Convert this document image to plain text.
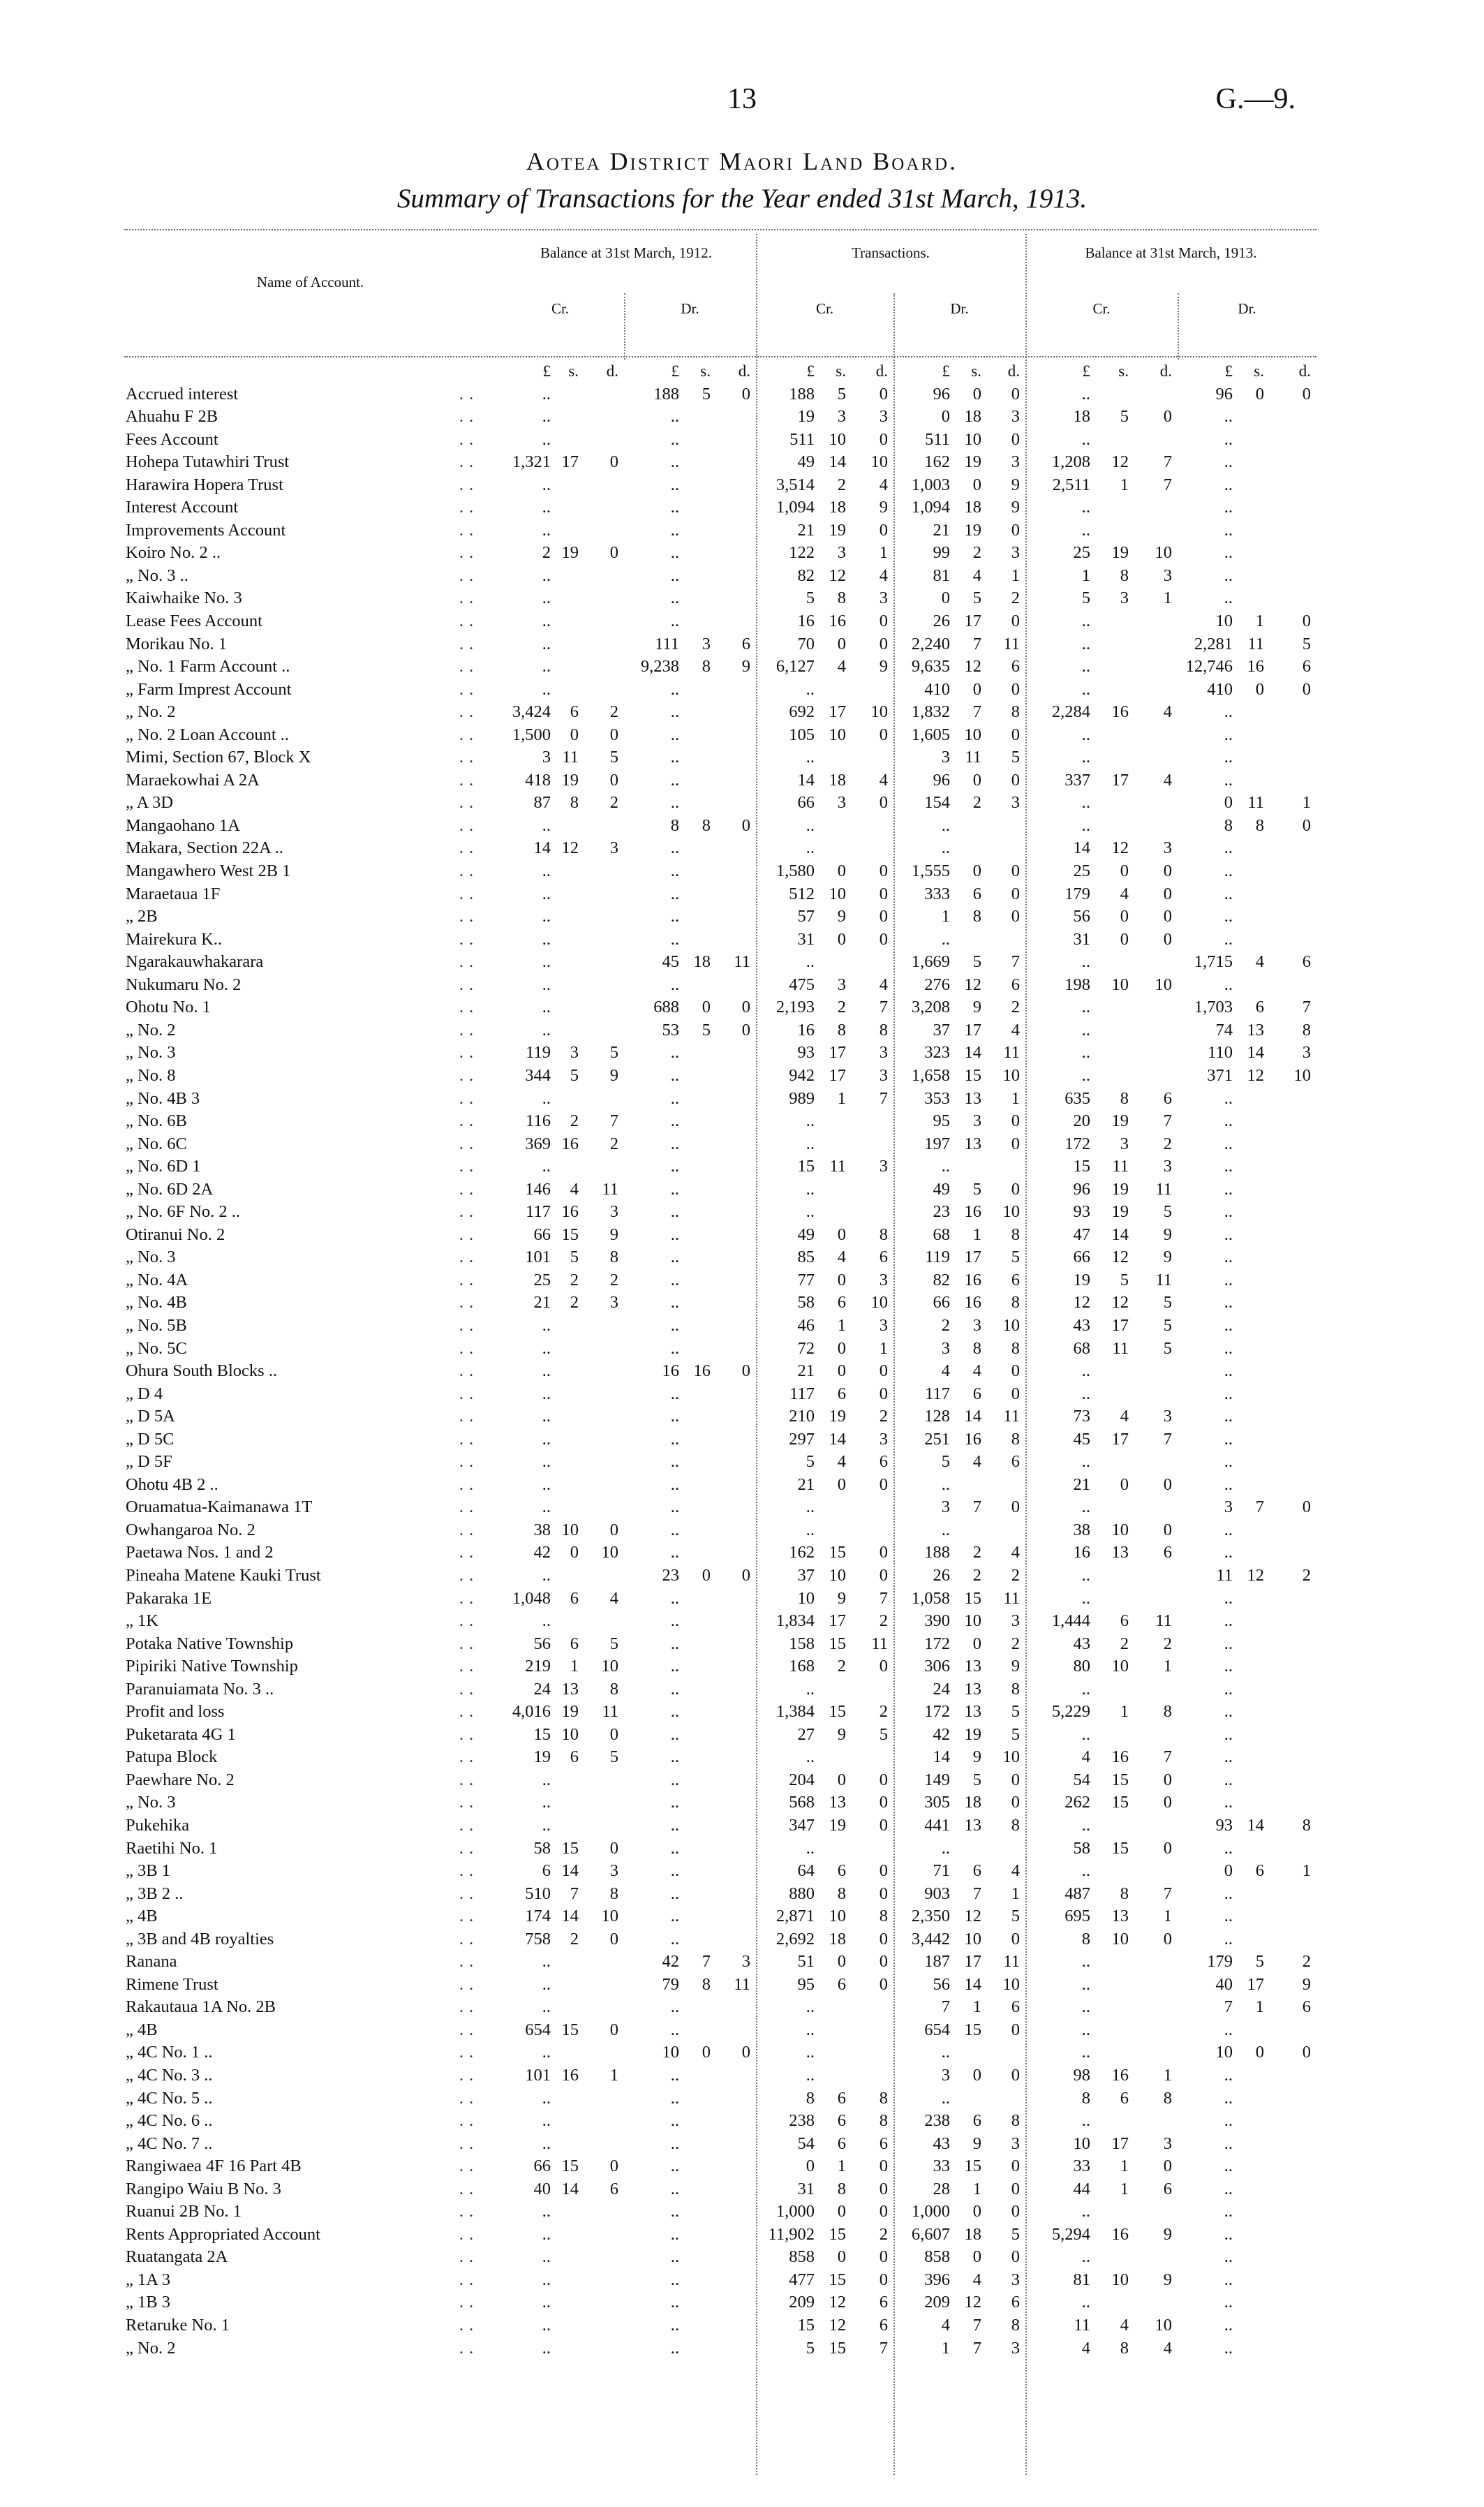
13	G.—9.
Aotea District Maori Land Board.
Summary of Transactions for the Year ended 31st March, 1913.
Name of Account.
Balance at 31st March, 1912.	Transactions.	Balance at 31st March, 1913.
Cr.	Dr.	Cr.	Dr.	Cr.	Dr.
		£	s.	d.	£	s.	d.	£	s.	d.	£	s.	d.	£	s.	d.	£	s.	d.
Accrued interest	..	..			188	5	0	188	5	0	96	0	0	..			96	0	0
Ahuahu F 2B	..	..			..			19	3	3	0	18	3	18	5	0	..		
Fees Account	..	..			..			511	10	0	511	10	0	..			..		
Hohepa Tutawhiri Trust	..	1,321	17	0	..			49	14	10	162	19	3	1,208	12	7	..		
Harawira Hopera Trust	..	..			..			3,514	2	4	1,003	0	9	2,511	1	7	..		
Interest Account	..	..			..			1,094	18	9	1,094	18	9	..			..		
Improvements Account	..	..			..			21	19	0	21	19	0	..			..		
Koiro No. 2 ..	..	2	19	0	..			122	3	1	99	2	3	25	19	10	..		
„ No. 3 ..	..	..			..			82	12	4	81	4	1	1	8	3	..		
Kaiwhaike No. 3	..	..			..			5	8	3	0	5	2	5	3	1	..		
Lease Fees Account	..	..			..			16	16	0	26	17	0	..			10	1	0
Morikau No. 1	..	..			111	3	6	70	0	0	2,240	7	11	..			2,281	11	5
„ No. 1 Farm Account ..	..	..			9,238	8	9	6,127	4	9	9,635	12	6	..			12,746	16	6
„ Farm Imprest Account	..	..			..			..			410	0	0	..			410	0	0
„ No. 2	..	3,424	6	2	..			692	17	10	1,832	7	8	2,284	16	4	..		
„ No. 2 Loan Account ..	..	1,500	0	0	..			105	10	0	1,605	10	0	..			..		
Mimi, Section 67, Block X	..	3	11	5	..			..			3	11	5	..			..		
Maraekowhai A 2A	..	418	19	0	..			14	18	4	96	0	0	337	17	4	..		
„ A 3D	..	87	8	2	..			66	3	0	154	2	3	..			0	11	1
Mangaohano 1A	..	..			8	8	0	..			..			..			8	8	0
Makara, Section 22A ..	..	14	12	3	..			..			..			14	12	3	..		
Mangawhero West 2B 1	..	..			..			1,580	0	0	1,555	0	0	25	0	0	..		
Maraetaua 1F	..	..			..			512	10	0	333	6	0	179	4	0	..		
„ 2B	..	..			..			57	9	0	1	8	0	56	0	0	..		
Mairekura K..	..	..			..			31	0	0	..			31	0	0	..		
Ngarakauwhakarara	..	..			45	18	11	..			1,669	5	7	..			1,715	4	6
Nukumaru No. 2	..	..			..			475	3	4	276	12	6	198	10	10	..		
Ohotu No. 1	..	..			688	0	0	2,193	2	7	3,208	9	2	..			1,703	6	7
„ No. 2	..	..			53	5	0	16	8	8	37	17	4	..			74	13	8
„ No. 3	..	119	3	5	..			93	17	3	323	14	11	..			110	14	3
„ No. 8	..	344	5	9	..			942	17	3	1,658	15	10	..			371	12	10
„ No. 4B 3	..	..			..			989	1	7	353	13	1	635	8	6	..		
„ No. 6B	..	116	2	7	..			..			95	3	0	20	19	7	..		
„ No. 6C	..	369	16	2	..			..			197	13	0	172	3	2	..		
„ No. 6D 1	..	..			..			15	11	3	..			15	11	3	..		
„ No. 6D 2A	..	146	4	11	..			..			49	5	0	96	19	11	..		
„ No. 6F No. 2 ..	..	117	16	3	..			..			23	16	10	93	19	5	..		
Otiranui No. 2	..	66	15	9	..			49	0	8	68	1	8	47	14	9	..		
„ No. 3	..	101	5	8	..			85	4	6	119	17	5	66	12	9	..		
„ No. 4A	..	25	2	2	..			77	0	3	82	16	6	19	5	11	..		
„ No. 4B	..	21	2	3	..			58	6	10	66	16	8	12	12	5	..		
„ No. 5B	..	..			..			46	1	3	2	3	10	43	17	5	..		
„ No. 5C	..	..			..			72	0	1	3	8	8	68	11	5	..		
Ohura South Blocks ..	..	..			16	16	0	21	0	0	4	4	0	..			..		
„ D 4	..	..			..			117	6	0	117	6	0	..			..		
„ D 5A	..	..			..			210	19	2	128	14	11	73	4	3	..		
„ D 5C	..	..			..			297	14	3	251	16	8	45	17	7	..		
„ D 5F	..	..			..			5	4	6	5	4	6	..			..		
Ohotu 4B 2 ..	..	..			..			21	0	0	..			21	0	0	..		
Oruamatua-Kaimanawa 1T	..	..			..			..			3	7	0	..			3	7	0
Owhangaroa No. 2	..	38	10	0	..			..			..			38	10	0	..		
Paetawa Nos. 1 and 2	..	42	0	10	..			162	15	0	188	2	4	16	13	6	..		
Pineaha Matene Kauki Trust	..	..			23	0	0	37	10	0	26	2	2	..			11	12	2
Pakaraka 1E	..	1,048	6	4	..			10	9	7	1,058	15	11	..			..		
„ 1K	..	..			..			1,834	17	2	390	10	3	1,444	6	11	..		
Potaka Native Township	..	56	6	5	..			158	15	11	172	0	2	43	2	2	..		
Pipiriki Native Township	..	219	1	10	..			168	2	0	306	13	9	80	10	1	..		
Paranuiamata No. 3 ..	..	24	13	8	..			..			24	13	8	..			..		
Profit and loss	..	4,016	19	11	..			1,384	15	2	172	13	5	5,229	1	8	..		
Puketarata 4G 1	..	15	10	0	..			27	9	5	42	19	5	..			..		
Patupa Block	..	19	6	5	..			..			14	9	10	4	16	7	..		
Paewhare No. 2	..	..			..			204	0	0	149	5	0	54	15	0	..		
„ No. 3	..	..			..			568	13	0	305	18	0	262	15	0	..		
Pukehika	..	..			..			347	19	0	441	13	8	..			93	14	8
Raetihi No. 1	..	58	15	0	..			..			..			58	15	0	..		
„ 3B 1	..	6	14	3	..			64	6	0	71	6	4	..			0	6	1
„ 3B 2 ..	..	510	7	8	..			880	8	0	903	7	1	487	8	7	..		
„ 4B	..	174	14	10	..			2,871	10	8	2,350	12	5	695	13	1	..		
„ 3B and 4B royalties	..	758	2	0	..			2,692	18	0	3,442	10	0	8	10	0	..		
Ranana	..	..			42	7	3	51	0	0	187	17	11	..			179	5	2
Rimene Trust	..	..			79	8	11	95	6	0	56	14	10	..			40	17	9
Rakautaua 1A No. 2B	..	..			..			..			7	1	6	..			7	1	6
„ 4B	..	654	15	0	..			..			654	15	0	..			..		
„ 4C No. 1 ..	..	..			10	0	0	..			..			..			10	0	0
„ 4C No. 3 ..	..	101	16	1	..			..			3	0	0	98	16	1	..		
„ 4C No. 5 ..	..	..			..			8	6	8	..			8	6	8	..		
„ 4C No. 6 ..	..	..			..			238	6	8	238	6	8	..			..		
„ 4C No. 7 ..	..	..			..			54	6	6	43	9	3	10	17	3	..		
Rangiwaea 4F 16 Part 4B	..	66	15	0	..			0	1	0	33	15	0	33	1	0	..		
Rangipo Waiu B No. 3	..	40	14	6	..			31	8	0	28	1	0	44	1	6	..		
Ruanui 2B No. 1	..	..			..			1,000	0	0	1,000	0	0	..			..		
Rents Appropriated Account	..	..			..			11,902	15	2	6,607	18	5	5,294	16	9	..		
Ruatangata 2A	..	..			..			858	0	0	858	0	0	..			..		
„ 1A 3	..	..			..			477	15	0	396	4	3	81	10	9	..		
„ 1B 3	..	..			..			209	12	6	209	12	6	..			..		
Retaruke No. 1	..	..			..			15	12	6	4	7	8	11	4	10	..		
„ No. 2	..	..			..			5	15	7	1	7	3	4	8	4	..		
